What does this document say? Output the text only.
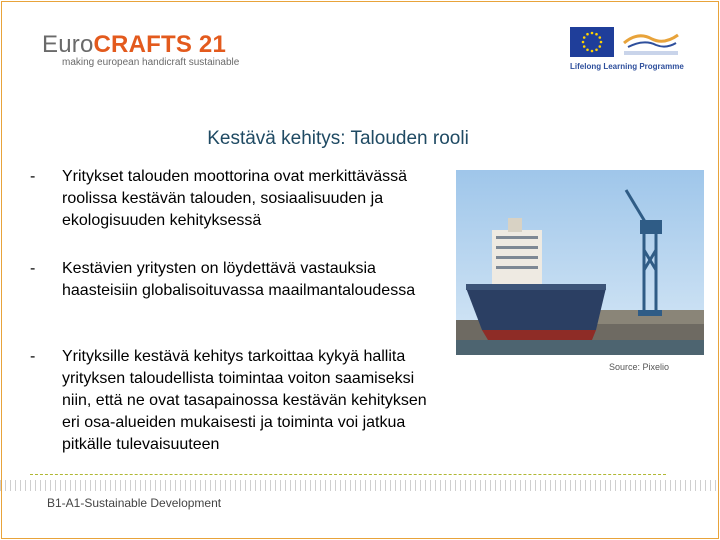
EuroCRAFTS 21
making european handicraft sustainable	Lifelong Learning Programme
Kestävä kehitys: Talouden rooli
-	Yritykset talouden moottorina ovat merkittävässä roolissa kestävän talouden, sosiaalisuuden ja ekologisuuden kehityksessä
-	Kestävien yritysten on löydettävä vastauksia haasteisiin globalisoituvassa maailmantaloudessa
-	Yrityksille kestävä kehitys tarkoittaa kykyä hallita yrityksen taloudellista toimintaa voiton saamiseksi niin, että ne ovat tasapainossa kestävän kehityksen eri osa-alueiden mukaisesti ja toiminta voi jatkua pitkälle tulevaisuuteen
Source: Pixelio
B1-A1-Sustainable Development
